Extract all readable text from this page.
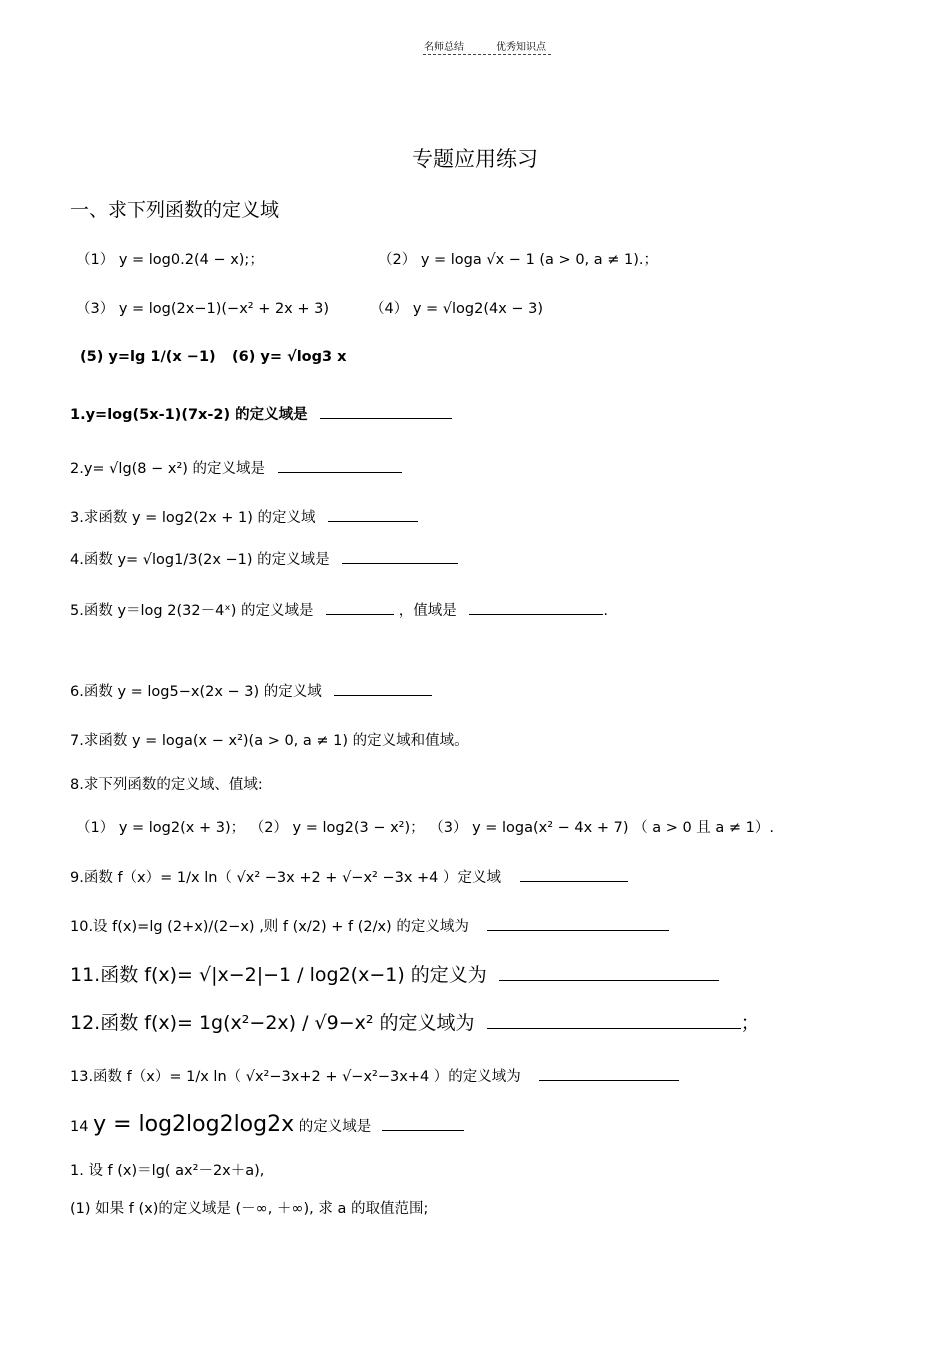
名师总结	优秀知识点
专题应用练习
一、求下列函数的定义域
（1） y = log0.2(4 − x);；	（2） y = loga √x − 1 (a > 0, a ≠ 1).；
（3） y = log(2x−1)(−x² + 2x + 3)	（4） y = √log2(4x − 3)
(5) y=lg 1/(x −1) (6) y= √log3 x
1.y=log(5x-1)(7x-2) 的定义域是
2.y= √lg(8 − x²) 的定义域是
3.求函数 y = log2(2x + 1) 的定义域
4.函数 y= √log1/3(2x −1) 的定义域是
5.函数 y＝log 2(32－4ˣ) 的定义域是	，值域是	.
6.函数 y = log5−x(2x − 3) 的定义域
7.求函数 y = loga(x − x²)(a > 0, a ≠ 1) 的定义域和值域。
8.求下列函数的定义域、值域:
（1） y = log2(x + 3)； （2） y = log2(3 − x²)； （3） y = loga(x² − 4x + 7) （ a > 0 且 a ≠ 1）.
9.函数 f（x）= 1/x ln（ √x² −3x +2 + √−x² −3x +4 ）定义域
10.设 f(x)=lg (2+x)/(2−x) ,则 f (x/2) + f (2/x) 的定义域为
11.函数 f(x)= √|x−2|−1 / log2(x−1) 的定义为
12.函数 f(x)= 1g(x²−2x) / √9−x² 的定义域为	；
13.函数 f（x）= 1/x ln（ √x²−3x+2 + √−x²−3x+4 ）的定义域为
14 y = log2log2log2x 的定义域是
1. 设 f (x)＝lg( ax²－2x＋a),
(1) 如果 f (x)的定义域是 (－∞, ＋∞), 求 a 的取值范围;
